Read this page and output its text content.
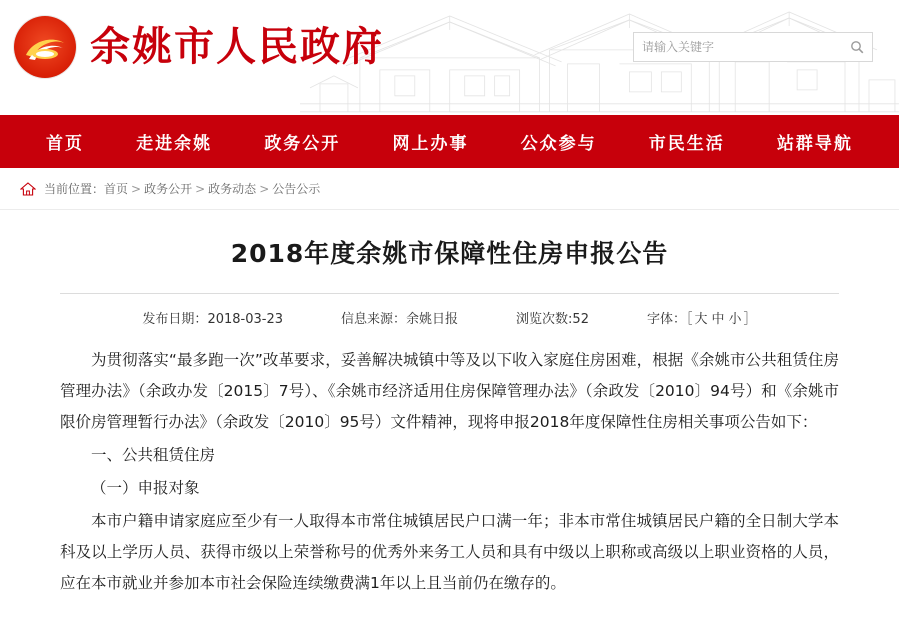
余姚市人民政府
请输入关键字
首页	走进余姚	政务公开	网上办事	公众参与	市民生活	站群导航
当前位置：首页 > 政务公开 > 政务动态 > 公告公示
2018年度余姚市保障性住房申报公告
发布日期：2018-03-23	信息来源：余姚日报	浏览次数:52	字体：［ 大 中 小 ］

为贯彻落实“最多跑一次”改革要求，妥善解决城镇中等及以下收入家庭住房困难，根据《余姚市公共租赁住房管理办法》（余政办发〔2015〕7号）、《余姚市经济适用住房保障管理办法》（余政发〔2010〕94号）和《余姚市限价房管理暂行办法》（余政发〔2010〕95号）文件精神，现将申报2018年度保障性住房相关事项公告如下：

一、公共租赁住房

（一）申报对象

本市户籍申请家庭应至少有一人取得本市常住城镇居民户口满一年；非本市常住城镇居民户籍的全日制大学本科及以上学历人员、获得市级以上荣誉称号的优秀外来务工人员和具有中级以上职称或高级以上职业资格的人员，应在本市就业并参加本市社会保险连续缴费满1年以上且当前仍在缴存的。
